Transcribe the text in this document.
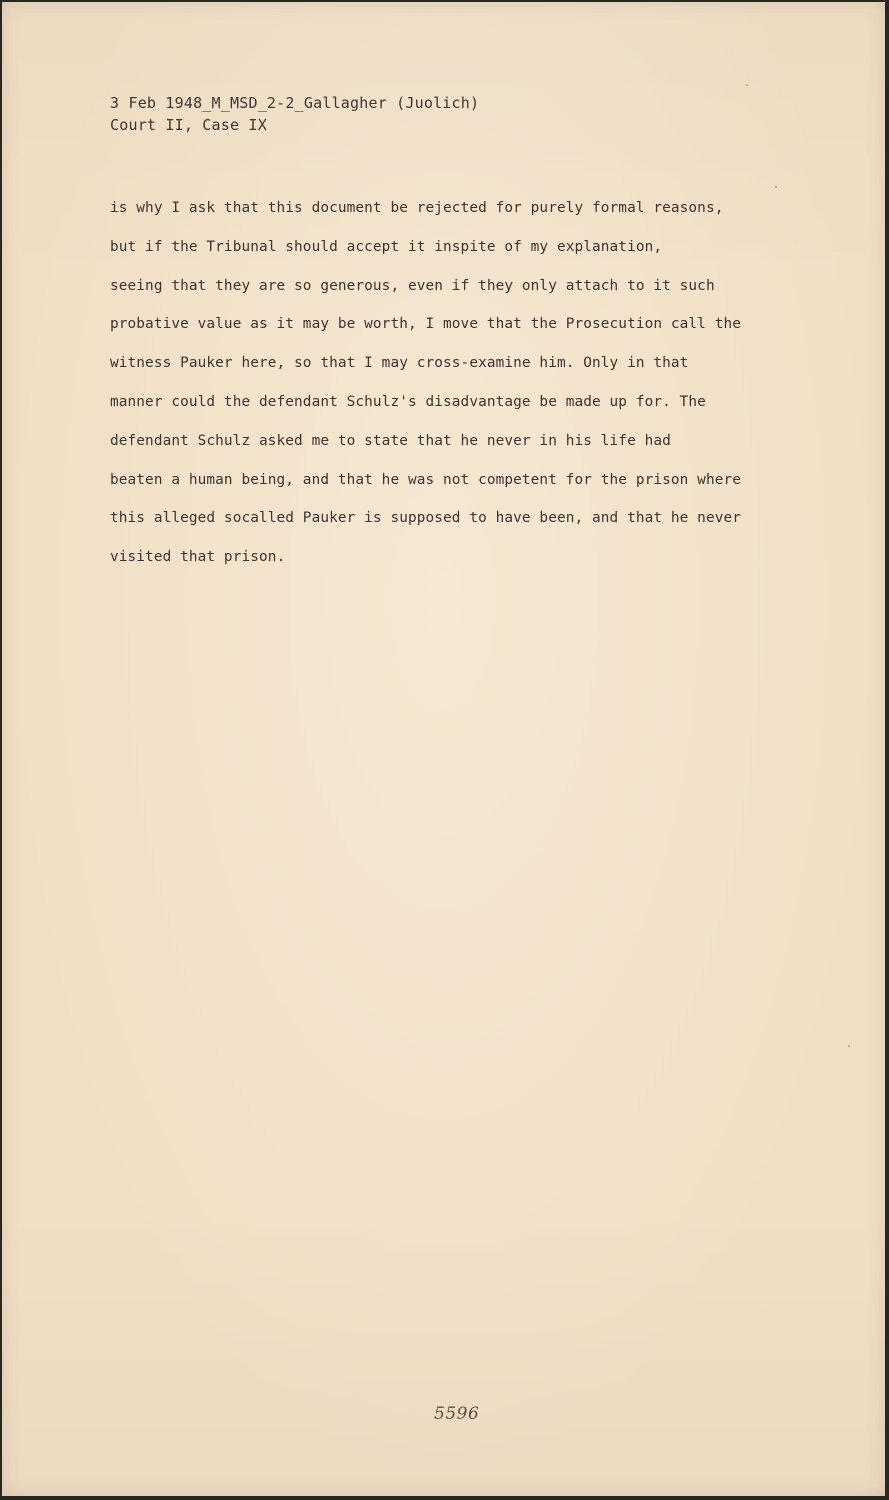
3 Feb 1948_M_MSD_2-2_Gallagher (Juolich)
Court II, Case IX
is why I ask that this document be rejected for purely formal reasons,
but if the Tribunal should accept it inspite of my explanation,
seeing that they are so generous, even if they only attach to it such
probative value as it may be worth, I move that the Prosecution call the
witness Pauker here, so that I may cross-examine him. Only in that
manner could the defendant Schulz's disadvantage be made up for. The
defendant Schulz asked me to state that he never in his life had
beaten a human being, and that he was not competent for the prison where
this alleged socalled Pauker is supposed to have been, and that he never
visited that prison.
5596
